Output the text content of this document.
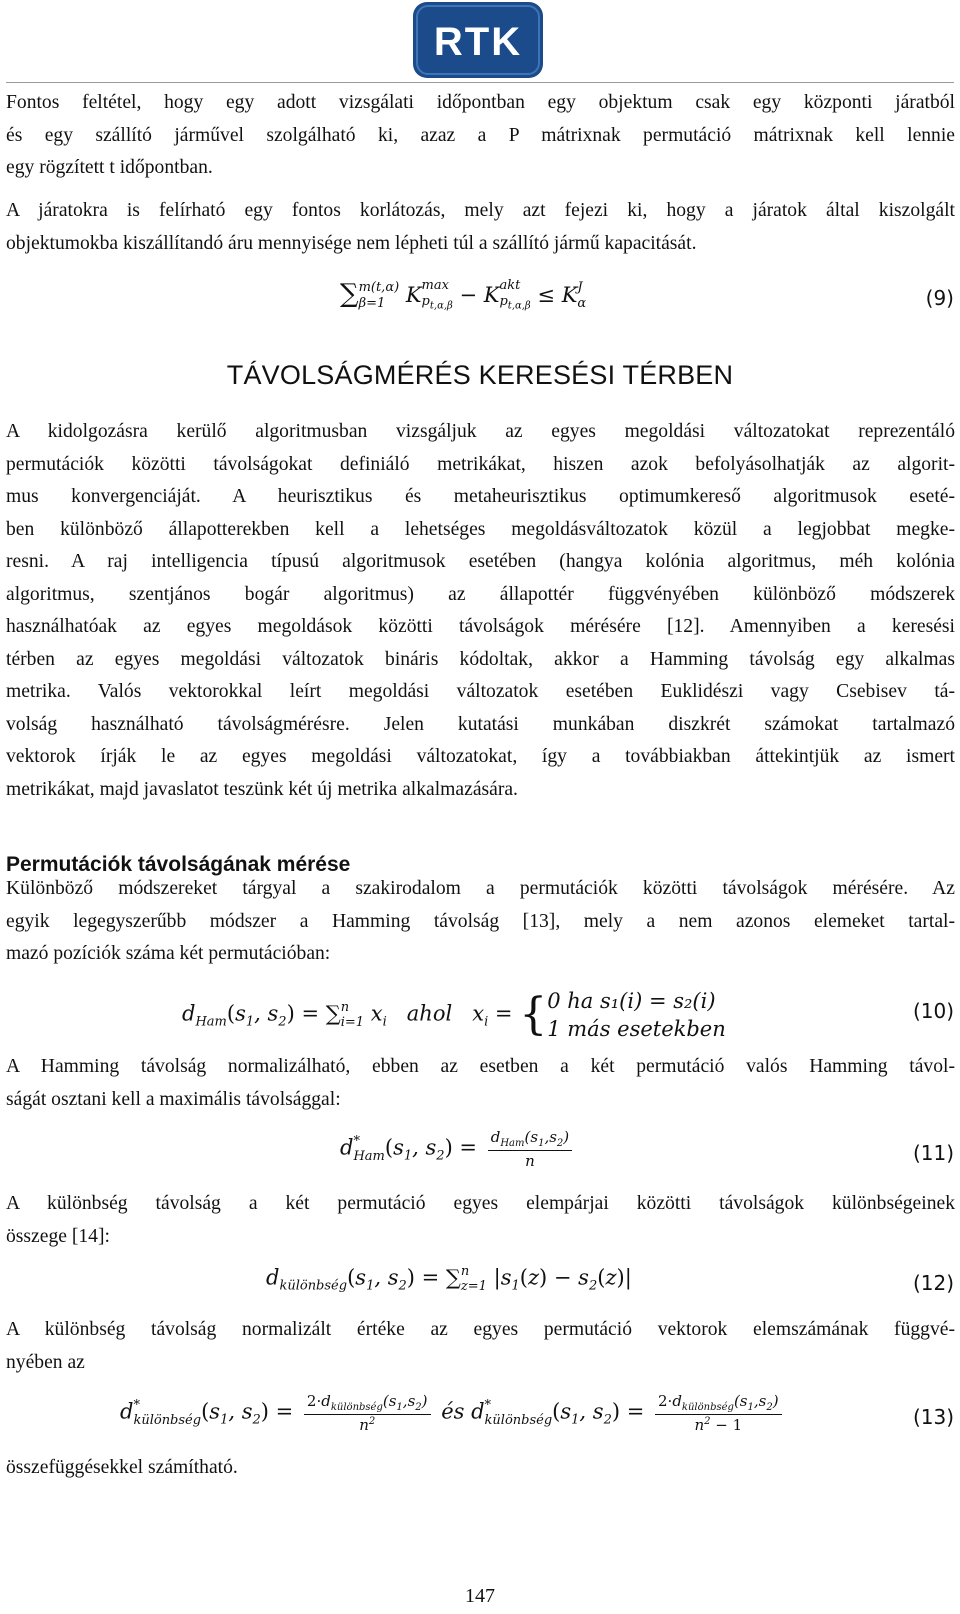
RTK
Fontos feltétel, hogy egy adott vizsgálati időpontban egy objektum csak egy központi járatból
és egy szállító járművel szolgálható ki, azaz a P mátrixnak permutáció mátrixnak kell lennie
egy rögzített t időpontban.
A járatokra is felírható egy fontos korlátozás, mely azt fejezi ki, hogy a járatok által kiszolgált
objektumokba kiszállítandó áru mennyisége nem lépheti túl a szállító jármű kapacitását.
∑ m(t,α)
β=1 K max
$p_{t,\alpha,\beta} - K$ akt
$p_{t,\alpha,\beta} \le K$ J
α	(9)
TÁVOLSÁGMÉRÉS KERESÉSI TÉRBEN
A kidolgozásra kerülő algoritmusban vizsgáljuk az egyes megoldási változatokat reprezentáló
permutációk közötti távolságokat definiáló metrikákat, hiszen azok befolyásolhatják az algorit-
mus konvergenciáját. A heurisztikus és metaheurisztikus optimumkereső algoritmusok eseté-
ben különböző állapotterekben kell a lehetséges megoldásváltozatok közül a legjobbat megke-
resni. A raj intelligencia típusú algoritmusok esetében (hangya kolónia algoritmus, méh kolónia
algoritmus, szentjános bogár algoritmus) az állapottér függvényében különböző módszerek
használhatóak az egyes megoldások közötti távolságok mérésére [12]. Amennyiben a keresési
térben az egyes megoldási változatok bináris kódoltak, akkor a Hamming távolság egy alkalmas
metrika. Valós vektorokkal leírt megoldási változatok esetében Euklidészi vagy Csebisev tá-
volság használható távolságmérésre. Jelen kutatási munkában diszkrét számokat tartalmazó
vektorok írják le az egyes megoldási változatokat, így a továbbiakban áttekintjük az ismert
metrikákat, majd javaslatot teszünk két új metrika alkalmazására.
Permutációk távolságának mérése
Különböző módszereket tárgyal a szakirodalom a permutációk közötti távolságok mérésére. Az
egyik legegyszerűbb módszer a Hamming távolság [13], mely a nem azonos elemeket tartal-
mazó pozíciók száma két permutációban:
$d_{Ham}(s_1$, $s_2$) = ∑ n
i=1 $x_i$ ahol   $x_i$ = { 0 ha s₁(i) = s₂(i)
1 más esetekben
(10)
A Hamming távolság normalizálható, ebben az esetben a két permutáció valós Hamming távol-
ságát osztani kell a maximális távolsággal:
d *
Ham ($s_1$, $s_2) = \frac{d_{Ham}(s_1,s_2)}{n}$	(11)
A különbség távolság a két permutáció egyes elempárjai közötti távolságok különbségeinek
összege [14]:
$d_{különbség}(s_1$, $s_2$) = ∑ n
z=1 $|s_1(z) - s_2(z)|$	(12)
A különbség távolság normalizált értéke az egyes permutáció vektorok elemszámának függvé-
nyében az
d *
különbség ($s_1$, $s_2) = \frac{2\cdot d_{különbség}(s_1,s_2)}{n^2}$ és d *
különbség ($s_1$, $s_2) = \frac{2\cdot d_{különbség}(s_1,s_2)}{n^2 - 1}$	(13)
összefüggésekkel számítható.
147
